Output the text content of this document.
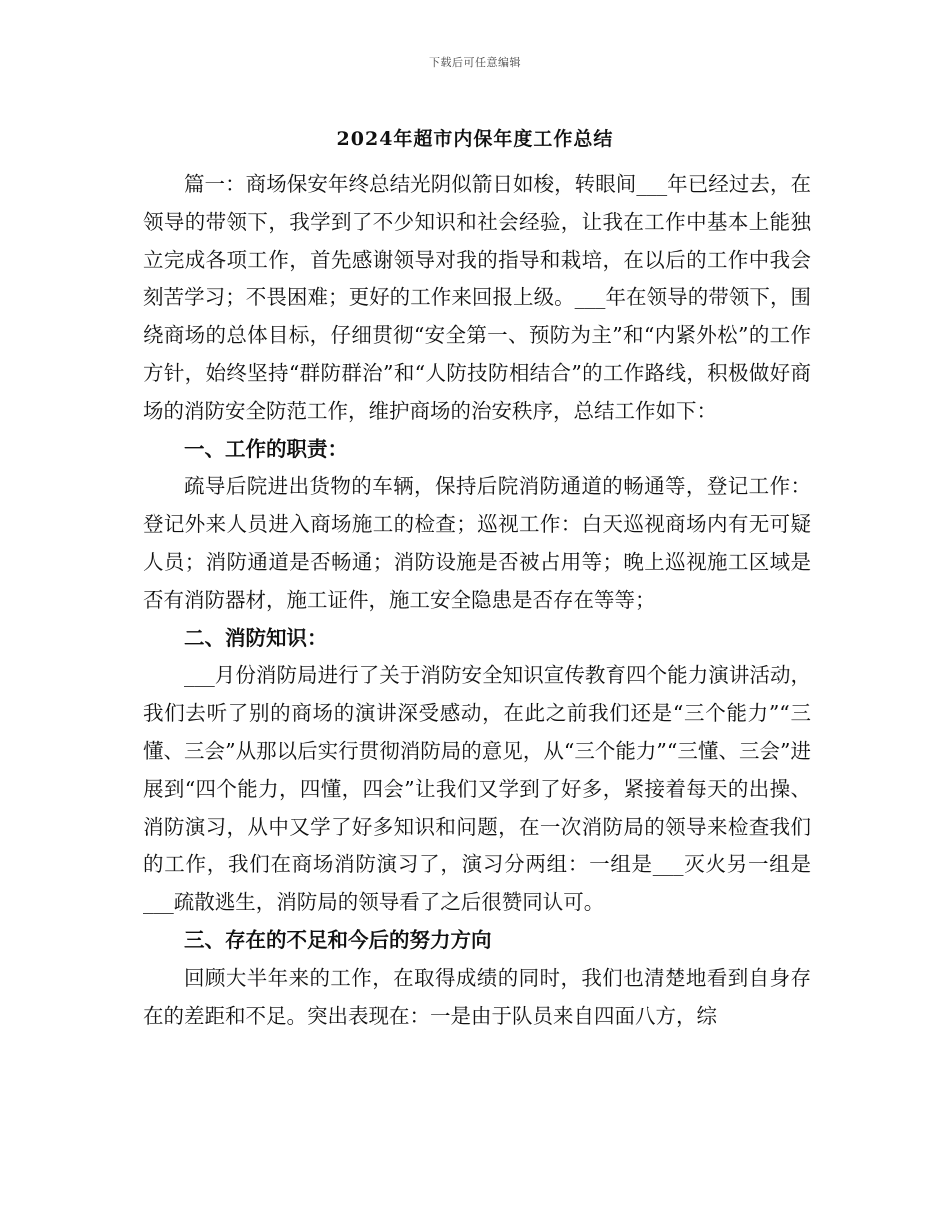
下载后可任意编辑
2024年超市内保年度工作总结

篇一：商场保安年终总结光阴似箭日如梭，转眼间___年已经过去，在领导的带领下，我学到了不少知识和社会经验，让我在工作中基本上能独立完成各项工作，首先感谢领导对我的指导和栽培，在以后的工作中我会刻苦学习；不畏困难；更好的工作来回报上级。___年在领导的带领下，围绕商场的总体目标，仔细贯彻“安全第一、预防为主”和“内紧外松”的工作方针，始终坚持“群防群治”和“人防技防相结合”的工作路线，积极做好商场的消防安全防范工作，维护商场的治安秩序，总结工作如下：

一、工作的职责：

疏导后院进出货物的车辆，保持后院消防通道的畅通等，登记工作：登记外来人员进入商场施工的检查；巡视工作：白天巡视商场内有无可疑人员；消防通道是否畅通；消防设施是否被占用等；晚上巡视施工区域是否有消防器材，施工证件，施工安全隐患是否存在等等；

二、消防知识：

___月份消防局进行了关于消防安全知识宣传教育四个能力演讲活动，我们去听了别的商场的演讲深受感动，在此之前我们还是“三个能力”“三懂、三会”从那以后实行贯彻消防局的意见，从“三个能力”“三懂、三会”进展到“四个能力，四懂，四会”让我们又学到了好多，紧接着每天的出操、消防演习，从中又学了好多知识和问题，在一次消防局的领导来检查我们的工作，我们在商场消防演习了，演习分两组：一组是___灭火另一组是___疏散逃生，消防局的领导看了之后很赞同认可。

三、存在的不足和今后的努力方向

回顾大半年来的工作，在取得成绩的同时，我们也清楚地看到自身存在的差距和不足。突出表现在：一是由于队员来自四面八方，综
